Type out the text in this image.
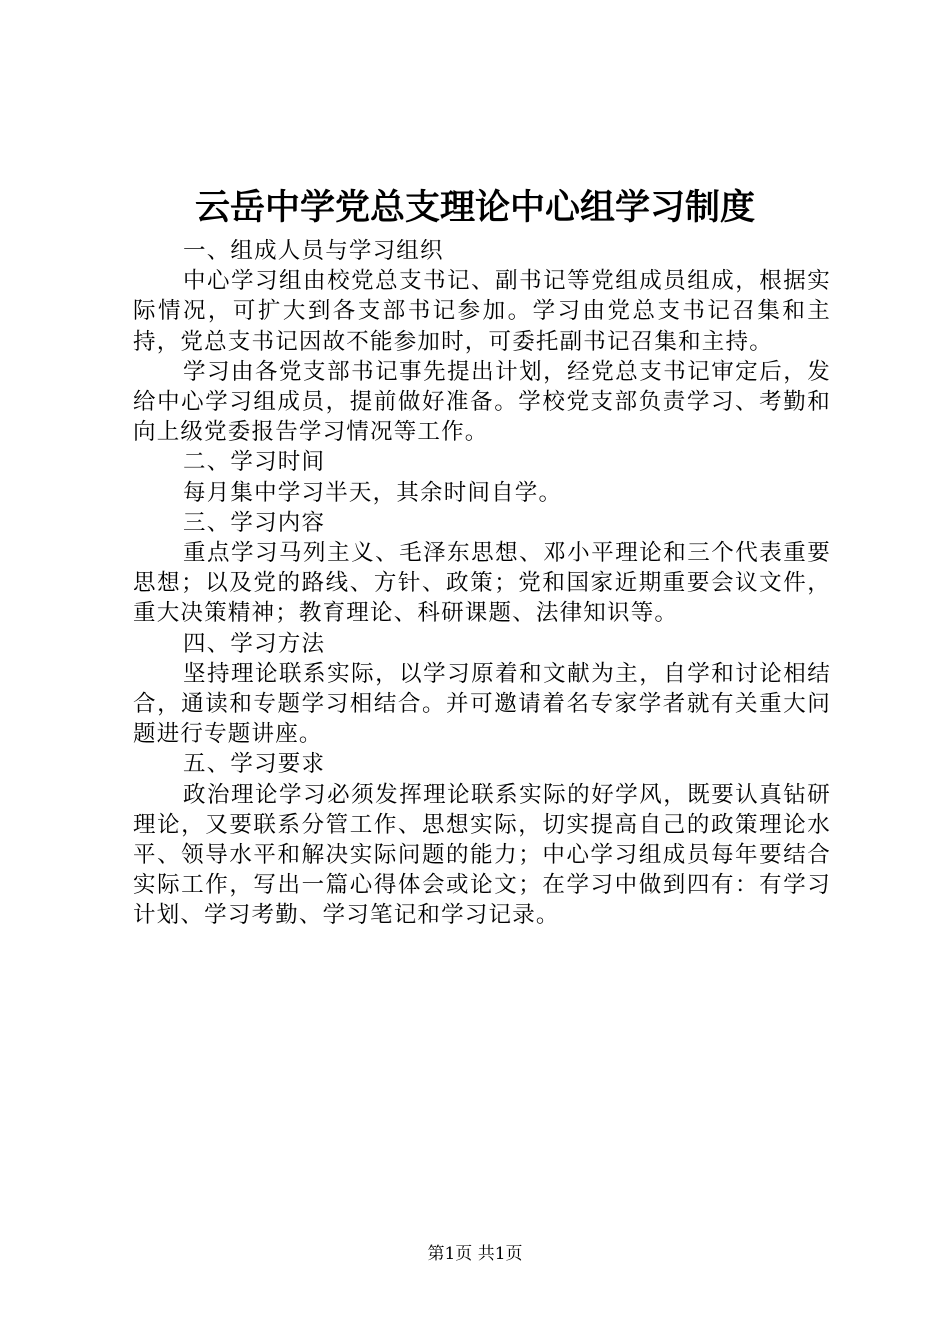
云岳中学党总支理论中心组学习制度

一、组成人员与学习组织

中心学习组由校党总支书记、副书记等党组成员组成，根据实际情况，可扩大到各支部书记参加。学习由党总支书记召集和主持，党总支书记因故不能参加时，可委托副书记召集和主持。

学习由各党支部书记事先提出计划，经党总支书记审定后，发给中心学习组成员，提前做好准备。学校党支部负责学习、考勤和向上级党委报告学习情况等工作。

二、学习时间

每月集中学习半天，其余时间自学。

三、学习内容

重点学习马列主义、毛泽东思想、邓小平理论和三个代表重要思想；以及党的路线、方针、政策；党和国家近期重要会议文件，重大决策精神；教育理论、科研课题、法律知识等。

四、学习方法

坚持理论联系实际，以学习原着和文献为主，自学和讨论相结合，通读和专题学习相结合。并可邀请着名专家学者就有关重大问题进行专题讲座。

五、学习要求

政治理论学习必须发挥理论联系实际的好学风，既要认真钻研理论，又要联系分管工作、思想实际，切实提高自己的政策理论水平、领导水平和解决实际问题的能力；中心学习组成员每年要结合实际工作，写出一篇心得体会或论文；在学习中做到四有：有学习计划、学习考勤、学习笔记和学习记录。

第1页 共1页
